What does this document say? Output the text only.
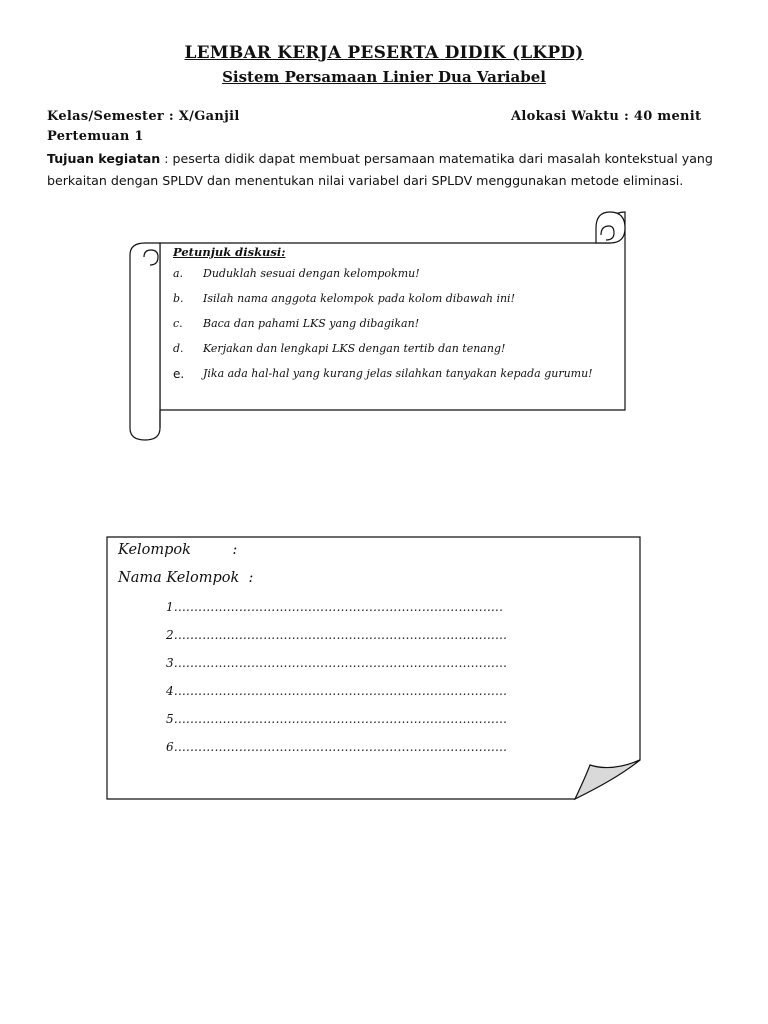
LEMBAR KERJA PESERTA DIDIK (LKPD)
Sistem Persamaan Linier Dua Variabel
Kelas/Semester : X/Ganjil	Alokasi Waktu : 40 menit
Pertemuan 1
Tujuan kegiatan : peserta didik dapat membuat persamaan matematika dari masalah kontekstual yang berkaitan dengan SPLDV dan menentukan nilai variabel dari SPLDV menggunakan metode eliminasi.
Petunjuk diskusi:
a.	Duduklah sesuai dengan kelompokmu!
b.	Isilah nama anggota kelompok pada kolom dibawah ini!
c.	Baca dan pahami LKS yang dibagikan!
d.	Kerjakan dan lengkapi LKS dengan tertib dan tenang!
e.	Jika ada hal-hal yang kurang jelas silahkan tanyakan kepada gurumu!
Kelompok         :
Nama Kelompok  :
1.……………………………………………………………………..
2.………………………………………………………………………
3.………………………………………………………………………
4.………………………………………………………………………
5.………………………………………………………………………
6.………………………………………………………………………
